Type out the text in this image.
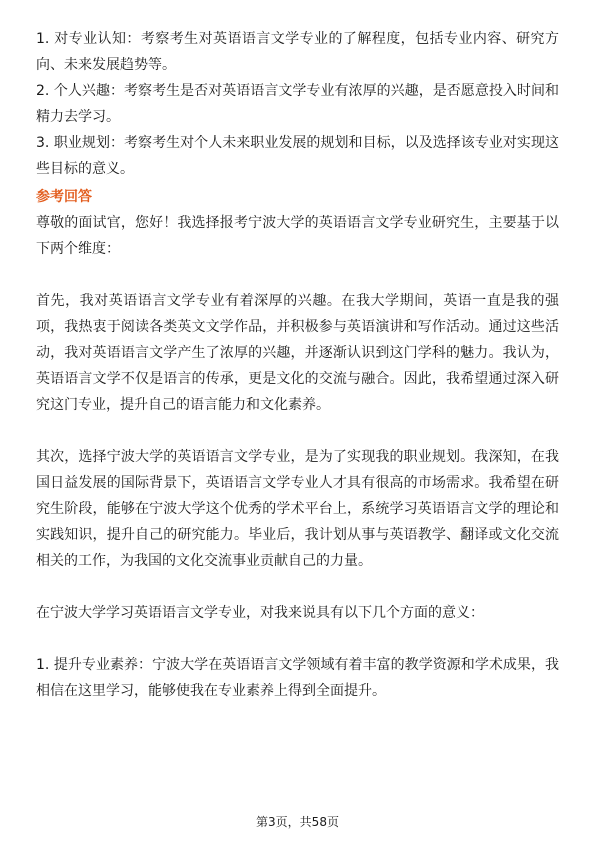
1. 对专业认知：考察考生对英语语言文学专业的了解程度，包括专业内容、研究方向、未来发展趋势等。

2. 个人兴趣：考察考生是否对英语语言文学专业有浓厚的兴趣，是否愿意投入时间和精力去学习。

3. 职业规划：考察考生对个人未来职业发展的规划和目标，以及选择该专业对实现这些目标的意义。

参考回答

尊敬的面试官，您好！我选择报考宁波大学的英语语言文学专业研究生，主要基于以下两个维度：

首先，我对英语语言文学专业有着深厚的兴趣。在我大学期间，英语一直是我的强项，我热衷于阅读各类英文文学作品，并积极参与英语演讲和写作活动。通过这些活动，我对英语语言文学产生了浓厚的兴趣，并逐渐认识到这门学科的魅力。我认为，英语语言文学不仅是语言的传承，更是文化的交流与融合。因此，我希望通过深入研究这门专业，提升自己的语言能力和文化素养。

其次，选择宁波大学的英语语言文学专业，是为了实现我的职业规划。我深知，在我国日益发展的国际背景下，英语语言文学专业人才具有很高的市场需求。我希望在研究生阶段，能够在宁波大学这个优秀的学术平台上，系统学习英语语言文学的理论和实践知识，提升自己的研究能力。毕业后，我计划从事与英语教学、翻译或文化交流相关的工作，为我国的文化交流事业贡献自己的力量。

在宁波大学学习英语语言文学专业，对我来说具有以下几个方面的意义：

1. 提升专业素养：宁波大学在英语语言文学领域有着丰富的教学资源和学术成果，我相信在这里学习，能够使我在专业素养上得到全面提升。

第3页，共58页
